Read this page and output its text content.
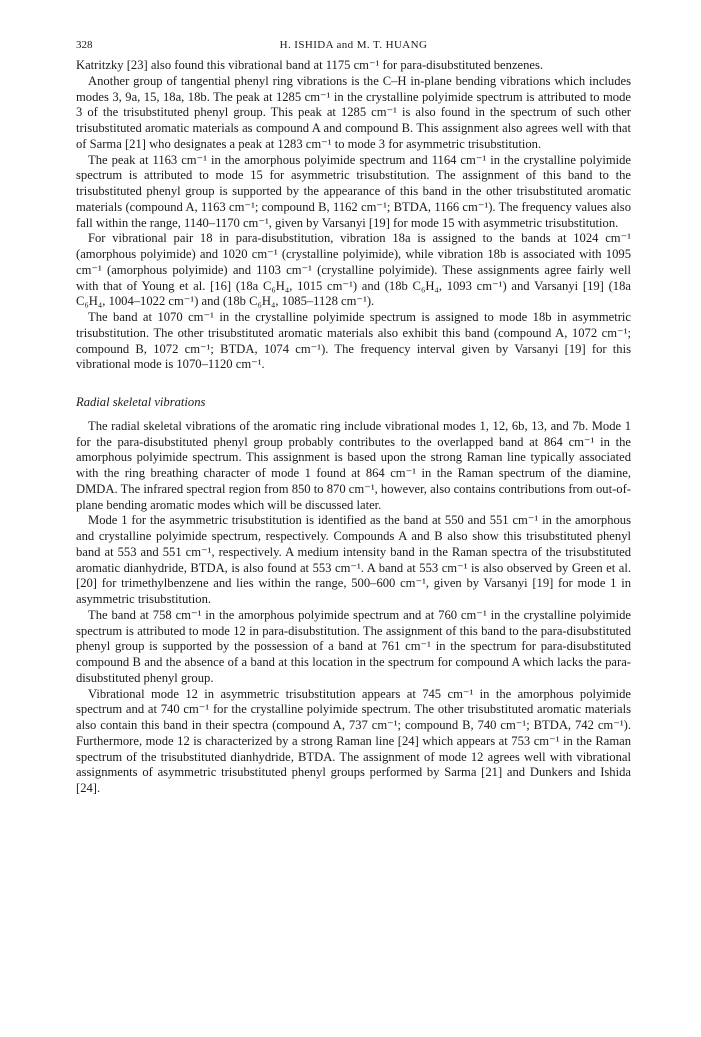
328	H. ISHIDA and M. T. HUANG

Katritzky [23] also found this vibrational band at 1175 cm⁻¹ for para-disubstituted benzenes.

Another group of tangential phenyl ring vibrations is the C–H in-plane bending vibrations which includes modes 3, 9a, 15, 18a, 18b. The peak at 1285 cm⁻¹ in the crystalline polyimide spectrum is attributed to mode 3 of the trisubstituted phenyl group. This peak at 1285 cm⁻¹ is also found in the spectrum of such other trisubstituted aromatic materials as compound A and compound B. This assignment also agrees well with that of Sarma [21] who designates a peak at 1283 cm⁻¹ to mode 3 for asymmetric trisubstitution.

The peak at 1163 cm⁻¹ in the amorphous polyimide spectrum and 1164 cm⁻¹ in the crystalline polyimide spectrum is attributed to mode 15 for asymmetric trisubstitution. The assignment of this band to the trisubstituted phenyl group is supported by the appearance of this band in the other trisubstituted aromatic materials (compound A, 1163 cm⁻¹; compound B, 1162 cm⁻¹; BTDA, 1166 cm⁻¹). The frequency values also fall within the range, 1140–1170 cm⁻¹, given by Varsanyi [19] for mode 15 with asymmetric trisubstitution.

For vibrational pair 18 in para-disubstitution, vibration 18a is assigned to the bands at 1024 cm⁻¹ (amorphous polyimide) and 1020 cm⁻¹ (crystalline polyimide), while vibration 18b is associated with 1095 cm⁻¹ (amorphous polyimide) and 1103 cm⁻¹ (crystalline polyimide). These assignments agree fairly well with that of Young et al. [16] (18a C₆H₄, 1015 cm⁻¹) and (18b C₆H₄, 1093 cm⁻¹) and Varsanyi [19] (18a C₆H₄, 1004–1022 cm⁻¹) and (18b C₆H₄, 1085–1128 cm⁻¹).

The band at 1070 cm⁻¹ in the crystalline polyimide spectrum is assigned to mode 18b in asymmetric trisubstitution. The other trisubstituted aromatic materials also exhibit this band (compound A, 1072 cm⁻¹; compound B, 1072 cm⁻¹; BTDA, 1074 cm⁻¹). The frequency interval given by Varsanyi [19] for this vibrational mode is 1070–1120 cm⁻¹.

Radial skeletal vibrations

The radial skeletal vibrations of the aromatic ring include vibrational modes 1, 12, 6b, 13, and 7b. Mode 1 for the para-disubstituted phenyl group probably contributes to the overlapped band at 864 cm⁻¹ in the amorphous polyimide spectrum. This assignment is based upon the strong Raman line typically associated with the ring breathing character of mode 1 found at 864 cm⁻¹ in the Raman spectrum of the diamine, DMDA. The infrared spectral region from 850 to 870 cm⁻¹, however, also contains contributions from out-of-plane bending aromatic modes which will be discussed later.

Mode 1 for the asymmetric trisubstitution is identified as the band at 550 and 551 cm⁻¹ in the amorphous and crystalline polyimide spectrum, respectively. Compounds A and B also show this trisubstituted phenyl band at 553 and 551 cm⁻¹, respectively. A medium intensity band in the Raman spectra of the trisubstituted aromatic dianhydride, BTDA, is also found at 553 cm⁻¹. A band at 553 cm⁻¹ is also observed by Green et al. [20] for trimethylbenzene and lies within the range, 500–600 cm⁻¹, given by Varsanyi [19] for mode 1 in asymmetric trisubstitution.

The band at 758 cm⁻¹ in the amorphous polyimide spectrum and at 760 cm⁻¹ in the crystalline polyimide spectrum is attributed to mode 12 in para-disubstitution. The assignment of this band to the para-disubstituted phenyl group is supported by the possession of a band at 761 cm⁻¹ in the spectrum for para-disubstituted compound B and the absence of a band at this location in the spectrum for compound A which lacks the para-disubstituted phenyl group.

Vibrational mode 12 in asymmetric trisubstitution appears at 745 cm⁻¹ in the amorphous polyimide spectrum and at 740 cm⁻¹ for the crystalline polyimide spectrum. The other trisubstituted aromatic materials also contain this band in their spectra (compound A, 737 cm⁻¹; compound B, 740 cm⁻¹; BTDA, 742 cm⁻¹). Furthermore, mode 12 is characterized by a strong Raman line [24] which appears at 753 cm⁻¹ in the Raman spectrum of the trisubstituted dianhydride, BTDA. The assignment of mode 12 agrees well with vibrational assignments of asymmetric trisubstituted phenyl groups performed by Sarma [21] and Dunkers and Ishida [24].
